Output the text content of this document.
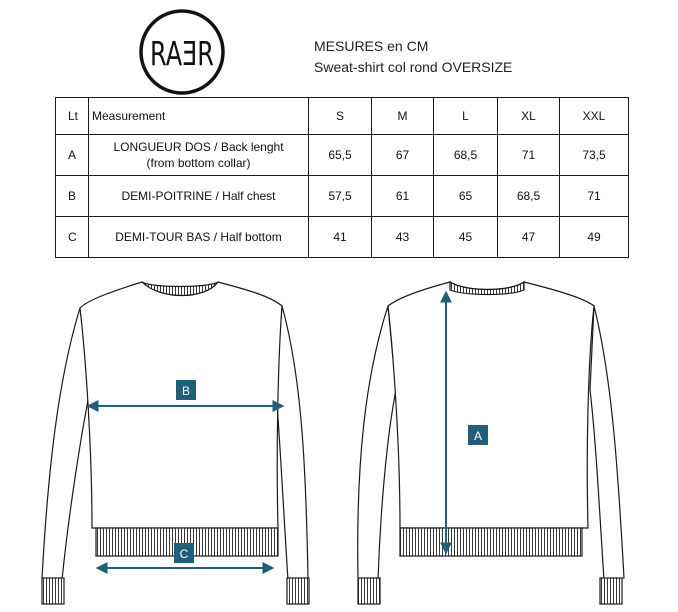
RAƎR	MESURES en CM
Sweat-shirt col rond OVERSIZE
Lt	Measurement	S	M	L	XL	XXL
A	LONGUEUR DOS / Back lenght (from bottom collar)	65,5	67	68,5	71	73,5
B	DEMI-POITRINE / Half chest	57,5	61	65	68,5	71
C	DEMI-TOUR BAS / Half bottom	41	43	45	47	49
B
C
A
